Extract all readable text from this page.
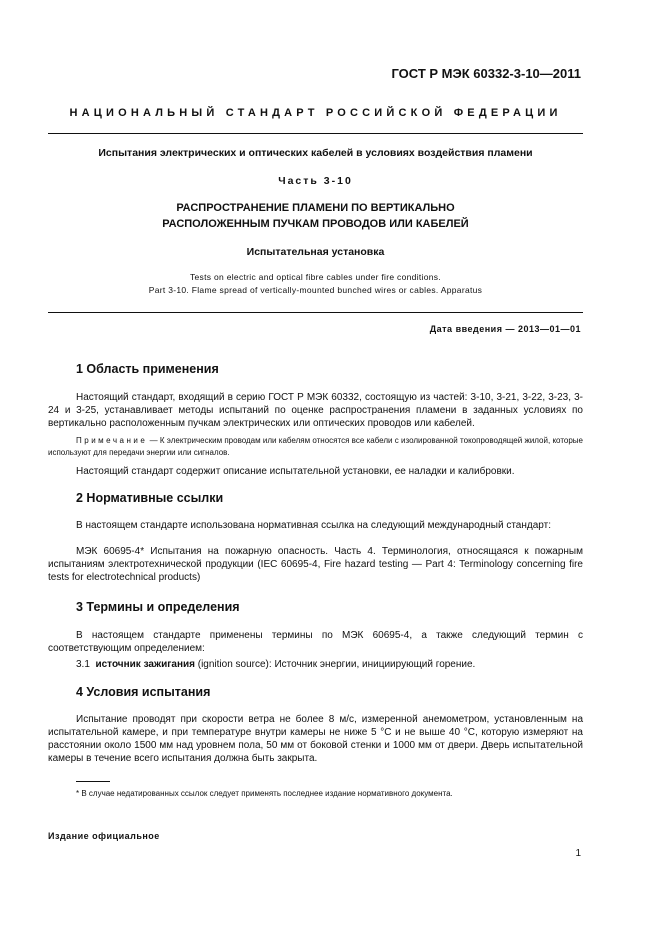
ГОСТ Р МЭК 60332-3-10—2011
НАЦИОНАЛЬНЫЙ СТАНДАРТ РОССИЙСКОЙ ФЕДЕРАЦИИ
Испытания электрических и оптических кабелей в условиях воздействия пламени
Часть 3-10
РАСПРОСТРАНЕНИЕ ПЛАМЕНИ ПО ВЕРТИКАЛЬНО
РАСПОЛОЖЕННЫМ ПУЧКАМ ПРОВОДОВ ИЛИ КАБЕЛЕЙ
Испытательная установка
Tests on electric and optical fibre cables under fire conditions.
Part 3-10. Flame spread of vertically-mounted bunched wires or cables. Apparatus
Дата введения — 2013—01—01
1 Область применения
Настоящий стандарт, входящий в серию ГОСТ Р МЭК 60332, состоящую из частей: 3-10, 3-21, 3-22, 3-23, 3-24 и 3-25, устанавливает методы испытаний по оценке распространения пламени в заданных условиях по вертикально расположенным пучкам электрических или оптических проводов или кабелей.
Примечание — К электрическим проводам или кабелям относятся все кабели с изолированной токопроводящей жилой, которые используют для передачи энергии или сигналов.
Настоящий стандарт содержит описание испытательной установки, ее наладки и калибровки.
2 Нормативные ссылки
В настоящем стандарте использована нормативная ссылка на следующий международный стандарт:
МЭК 60695-4* Испытания на пожарную опасность. Часть 4. Терминология, относящаяся к пожарным испытаниям электротехнической продукции (IEC 60695-4, Fire hazard testing — Part 4: Terminology concerning fire tests for electrotechnical products)
3 Термины и определения
В настоящем стандарте применены термины по МЭК 60695-4, а также следующий термин с соответствующим определением:
3.1 источник зажигания (ignition source): Источник энергии, инициирующий горение.
4 Условия испытания
Испытание проводят при скорости ветра не более 8 м/с, измеренной анемометром, установленным на испытательной камере, и при температуре внутри камеры не ниже 5 °С и не выше 40 °С, которую измеряют на расстоянии около 1500 мм над уровнем пола, 50 мм от боковой стенки и 1000 мм от двери. Дверь испытательной камеры в течение всего испытания должна быть закрыта.
* В случае недатированных ссылок следует применять последнее издание нормативного документа.
Издание официальное
1
